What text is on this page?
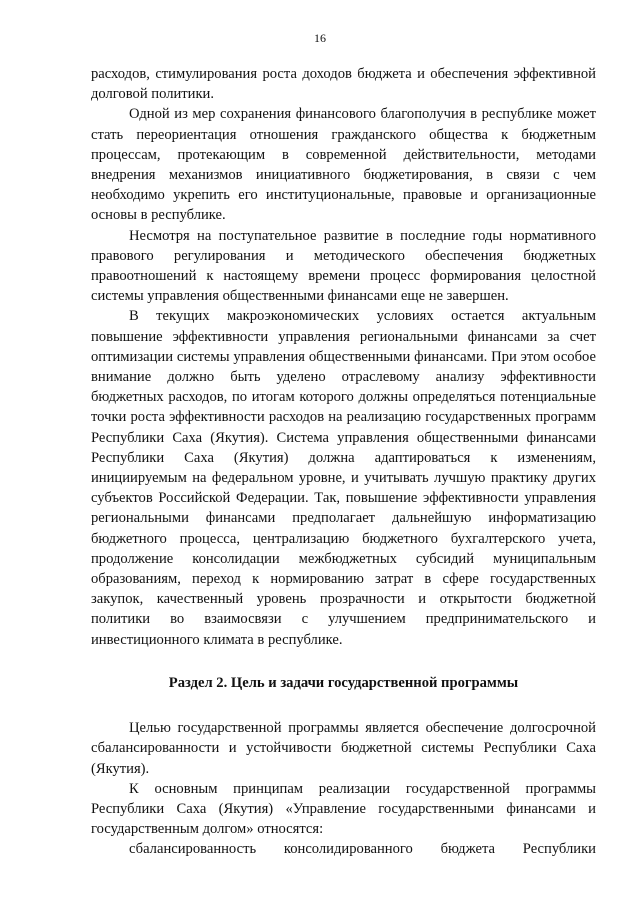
16

расходов, стимулирования роста доходов бюджета и обеспечения эффективной долговой политики.

Одной из мер сохранения финансового благополучия в республике может стать переориентация отношения гражданского общества к бюджетным процессам, протекающим в современной действительности, методами внедрения механизмов инициативного бюджетирования, в связи с чем необходимо укрепить его институциональные, правовые и организационные основы в республике.

Несмотря на поступательное развитие в последние годы нормативного правового регулирования и методического обеспечения бюджетных правоотношений к настоящему времени процесс формирования целостной системы управления общественными финансами еще не завершен.

В текущих макроэкономических условиях остается актуальным повышение эффективности управления региональными финансами за счет оптимизации системы управления общественными финансами. При этом особое внимание должно быть уделено отраслевому анализу эффективности бюджетных расходов, по итогам которого должны определяться потенциальные точки роста эффективности расходов на реализацию государственных программ Республики Саха (Якутия). Система управления общественными финансами Республики Саха (Якутия) должна адаптироваться к изменениям, инициируемым на федеральном уровне, и учитывать лучшую практику других субъектов Российской Федерации. Так, повышение эффективности управления региональными финансами предполагает дальнейшую информатизацию бюджетного процесса, централизацию бюджетного бухгалтерского учета, продолжение консолидации межбюджетных субсидий муниципальным образованиям, переход к нормированию затрат в сфере государственных закупок, качественный уровень прозрачности и открытости бюджетной политики во взаимосвязи с улучшением предпринимательского и инвестиционного климата в республике.

Раздел 2. Цель и задачи государственной программы

Целью государственной программы является обеспечение долгосрочной сбалансированности и устойчивости бюджетной системы Республики Саха (Якутия).

К основным принципам реализации государственной программы Республики Саха (Якутия) «Управление государственными финансами и государственным долгом» относятся:

сбалансированность консолидированного бюджета Республики
